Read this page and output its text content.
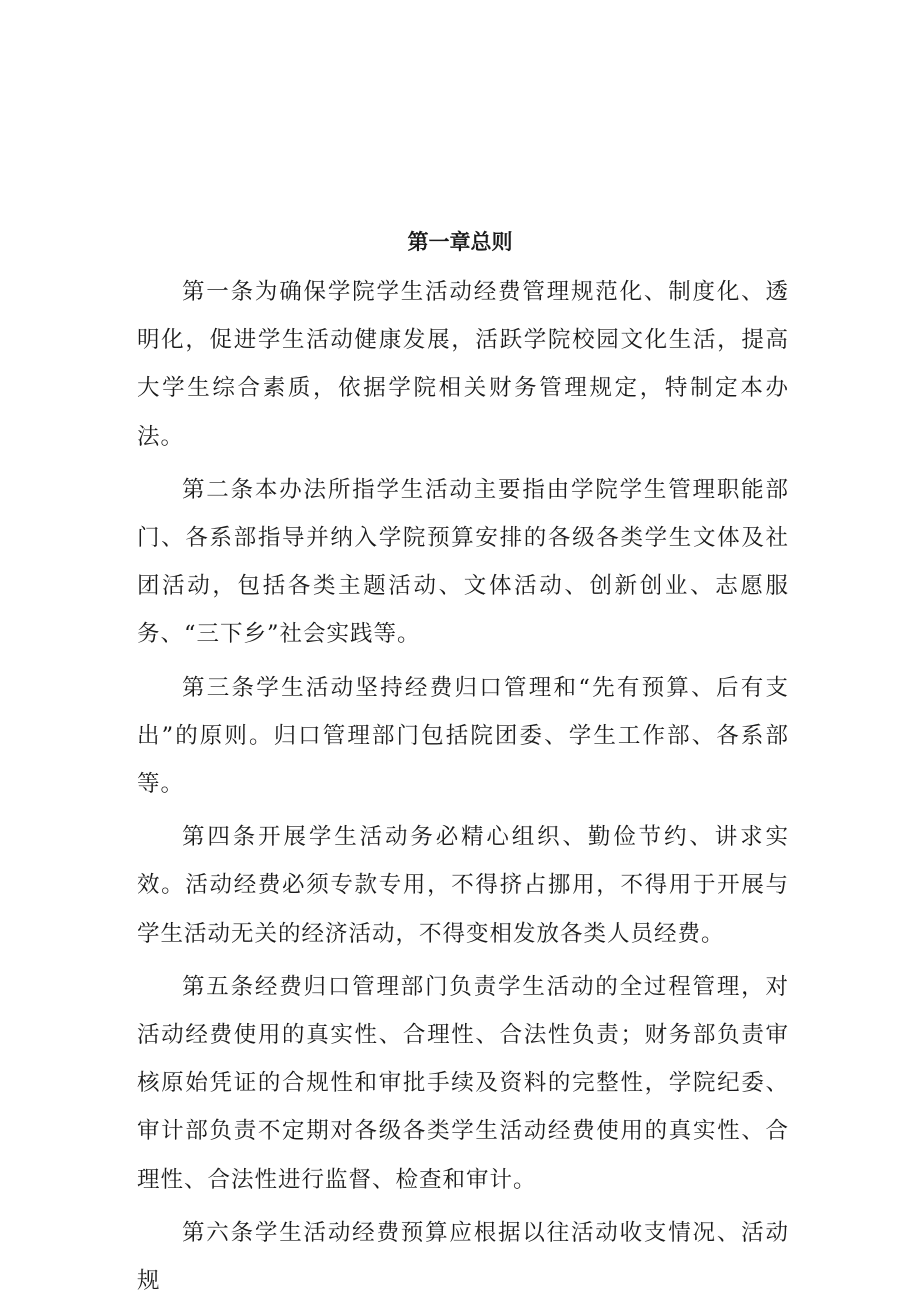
第一章总则

第一条为确保学院学生活动经费管理规范化、制度化、透明化，促进学生活动健康发展，活跃学院校园文化生活，提高大学生综合素质，依据学院相关财务管理规定，特制定本办法。

第二条本办法所指学生活动主要指由学院学生管理职能部门、各系部指导并纳入学院预算安排的各级各类学生文体及社团活动，包括各类主题活动、文体活动、创新创业、志愿服务、“三下乡”社会实践等。

第三条学生活动坚持经费归口管理和“先有预算、后有支出”的原则。归口管理部门包括院团委、学生工作部、各系部等。

第四条开展学生活动务必精心组织、勤俭节约、讲求实效。活动经费必须专款专用，不得挤占挪用，不得用于开展与学生活动无关的经济活动，不得变相发放各类人员经费。

第五条经费归口管理部门负责学生活动的全过程管理，对活动经费使用的真实性、合理性、合法性负责；财务部负责审核原始凭证的合规性和审批手续及资料的完整性，学院纪委、审计部负责不定期对各级各类学生活动经费使用的真实性、合理性、合法性进行监督、检查和审计。

第六条学生活动经费预算应根据以往活动收支情况、活动规
